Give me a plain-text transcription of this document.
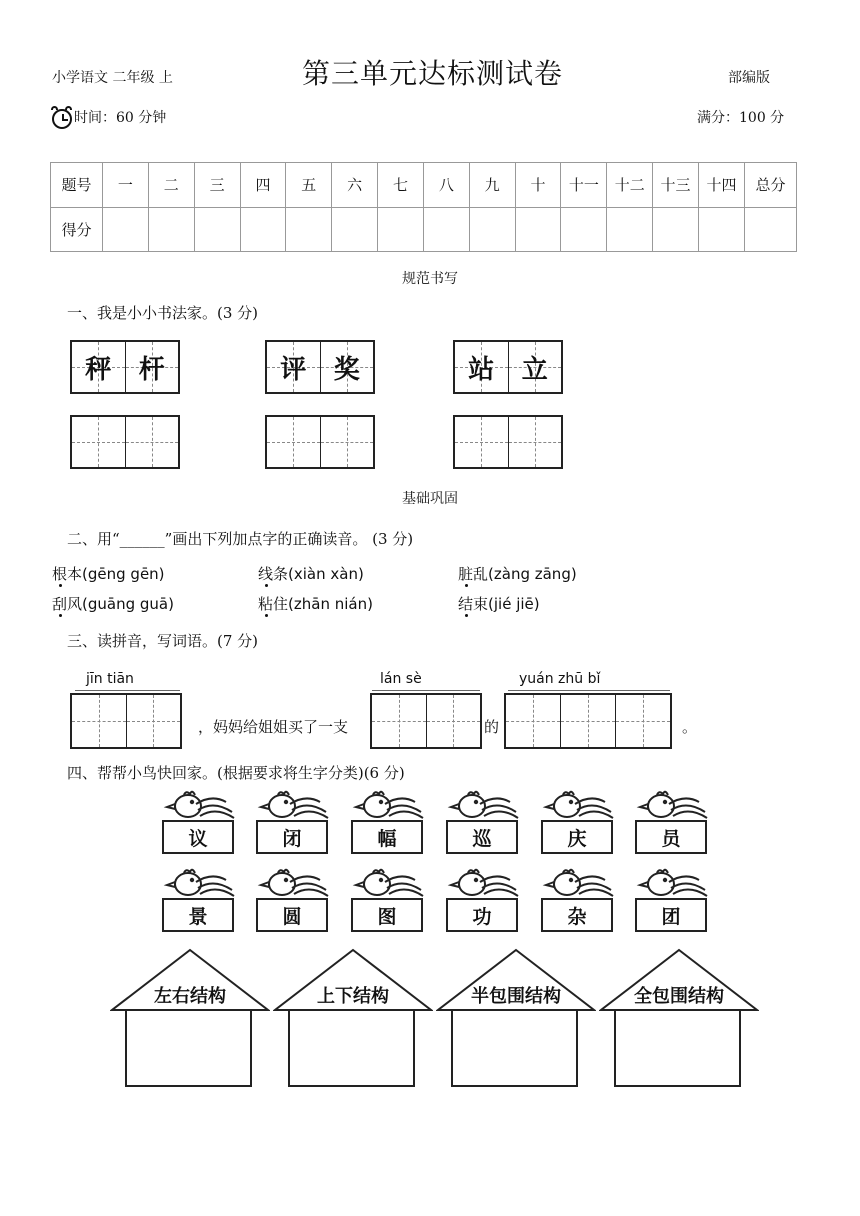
小学语文 二年级 上	第三单元达标测试卷	部编版
时间：60 分钟	满分：100 分
题号	一	二	三	四	五	六	七	八	九	十	十一	十二	十三	十四	总分
得分															
规范书写
一、我是小小书法家。(3 分)
秤 杆	评 奖	站 立
基础巩固
二、用“______”画出下列加点字的正确读音。 (3 分)
根本(gēng gēn)	线条(xiàn xàn)	脏乱(zàng zāng)
刮风(guāng guā)	粘住(zhān nián)	结束(jié jiē)
三、读拼音，写词语。(7 分)
jīn tiān	lán sè	yuán zhū bǐ
，妈妈给姐姐买了一支	的	。
四、帮帮小鸟快回家。(根据要求将生字分类)(6 分)
议	闭	幅	巡	庆	员
景	圆	图	功	杂	团
左右结构	上下结构	半包围结构	全包围结构
